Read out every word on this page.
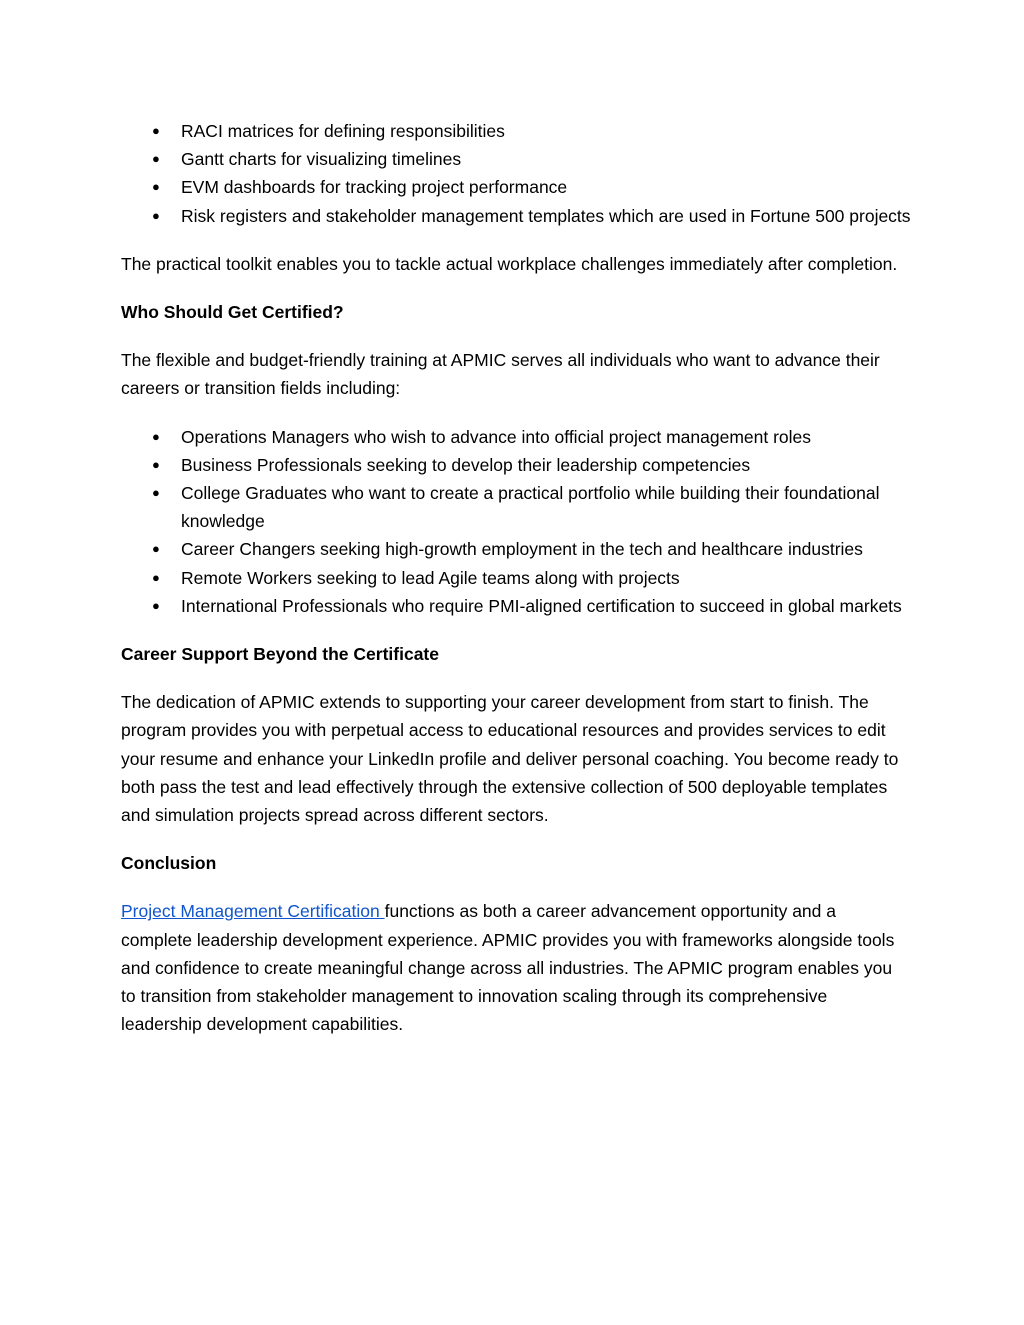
● RACI matrices for defining responsibilities
● Gantt charts for visualizing timelines
● EVM dashboards for tracking project performance
● Risk registers and stakeholder management templates which are used in Fortune 500 projects

The practical toolkit enables you to tackle actual workplace challenges immediately after completion.

Who Should Get Certified?

The flexible and budget-friendly training at APMIC serves all individuals who want to advance their careers or transition fields including:

● Operations Managers who wish to advance into official project management roles
● Business Professionals seeking to develop their leadership competencies
● College Graduates who want to create a practical portfolio while building their foundational knowledge
● Career Changers seeking high-growth employment in the tech and healthcare industries
● Remote Workers seeking to lead Agile teams along with projects
● International Professionals who require PMI-aligned certification to succeed in global markets

Career Support Beyond the Certificate

The dedication of APMIC extends to supporting your career development from start to finish. The program provides you with perpetual access to educational resources and provides services to edit your resume and enhance your LinkedIn profile and deliver personal coaching. You become ready to both pass the test and lead effectively through the extensive collection of 500 deployable templates and simulation projects spread across different sectors.

Conclusion

Project Management Certification functions as both a career advancement opportunity and a complete leadership development experience. APMIC provides you with frameworks alongside tools and confidence to create meaningful change across all industries. The APMIC program enables you to transition from stakeholder management to innovation scaling through its comprehensive leadership development capabilities.
